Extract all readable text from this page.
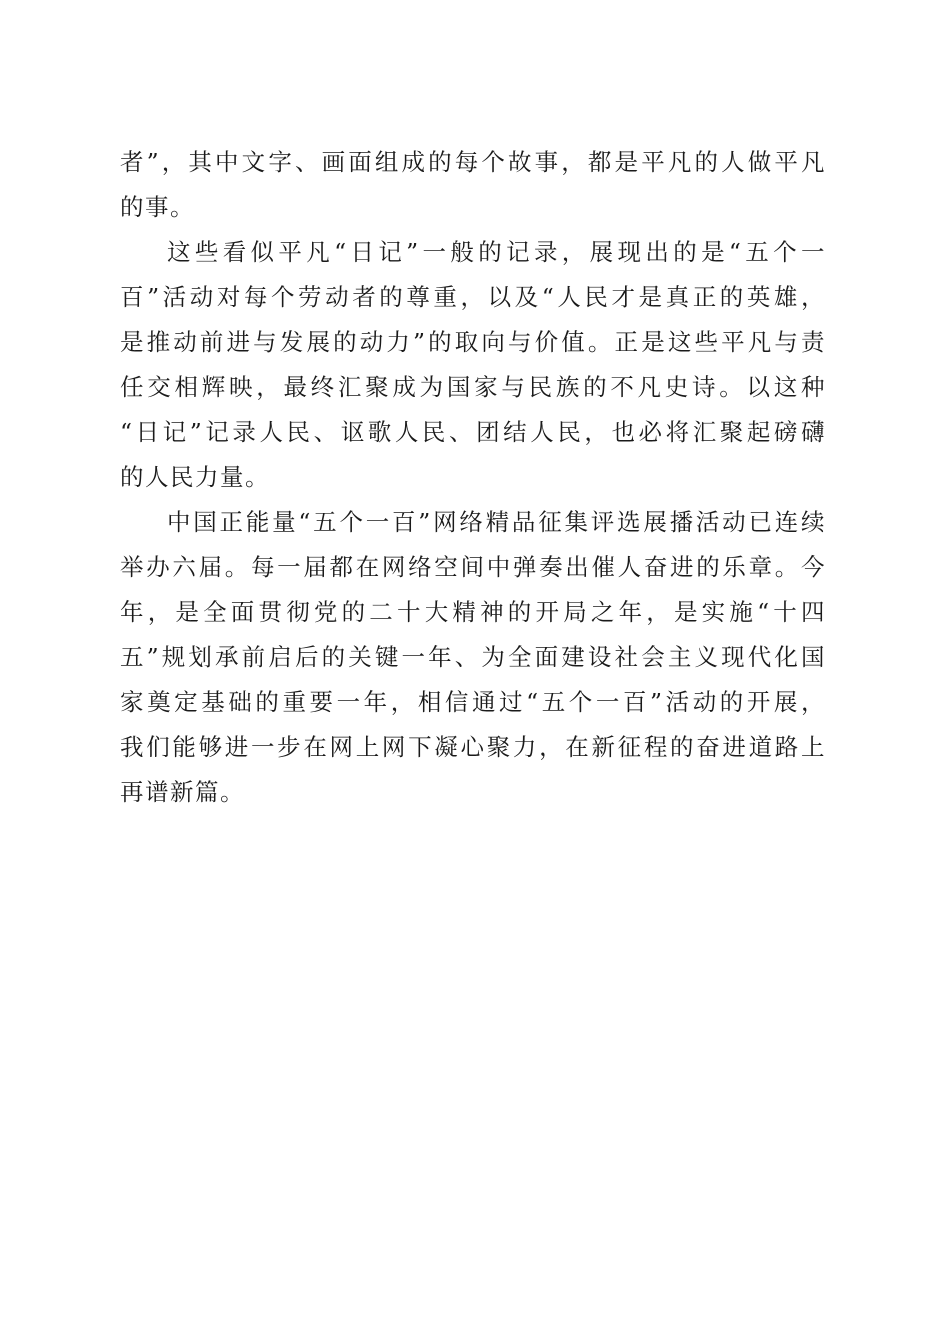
者”，其中文字、画面组成的每个故事，都是平凡的人做平凡
的事。
这些看似平凡“日记”一般的记录，展现出的是“五个一
百”活动对每个劳动者的尊重，以及“人民才是真正的英雄，
是推动前进与发展的动力”的取向与价值。正是这些平凡与责
任交相辉映，最终汇聚成为国家与民族的不凡史诗。以这种
“日记”记录人民、讴歌人民、团结人民，也必将汇聚起磅礴
的人民力量。
中国正能量“五个一百”网络精品征集评选展播活动已连续
举办六届。每一届都在网络空间中弹奏出催人奋进的乐章。今
年，是全面贯彻党的二十大精神的开局之年，是实施“十四
五”规划承前启后的关键一年、为全面建设社会主义现代化国
家奠定基础的重要一年，相信通过“五个一百”活动的开展，
我们能够进一步在网上网下凝心聚力，在新征程的奋进道路上
再谱新篇。
